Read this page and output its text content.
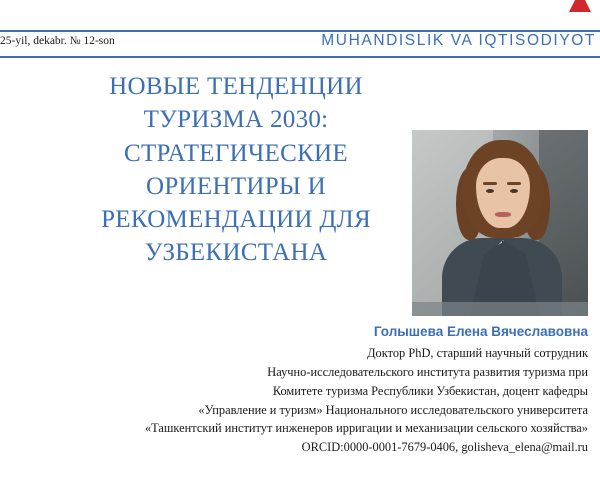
25-yil, dekabr. № 12-son	MUHANDISLIK VA IQTISODIYOT
НОВЫЕ ТЕНДЕНЦИИ
ТУРИЗМА 2030:
СТРАТЕГИЧЕСКИЕ
ОРИЕНТИРЫ И
РЕКОМЕНДАЦИИ ДЛЯ
УЗБЕКИСТАНА
Голышева Елена Вячеславовна
Доктор PhD, старший научный сотрудник
Научно-исследовательского института развития туризма при
Комитете туризма Республики Узбекистан, доцент кафедры
«Управление и туризм» Национального исследовательского университета
«Ташкентский институт инженеров ирригации и механизации сельского хозяйства»
ORCID:0000-0001-7679-0406, golisheva_elena@mail.ru
